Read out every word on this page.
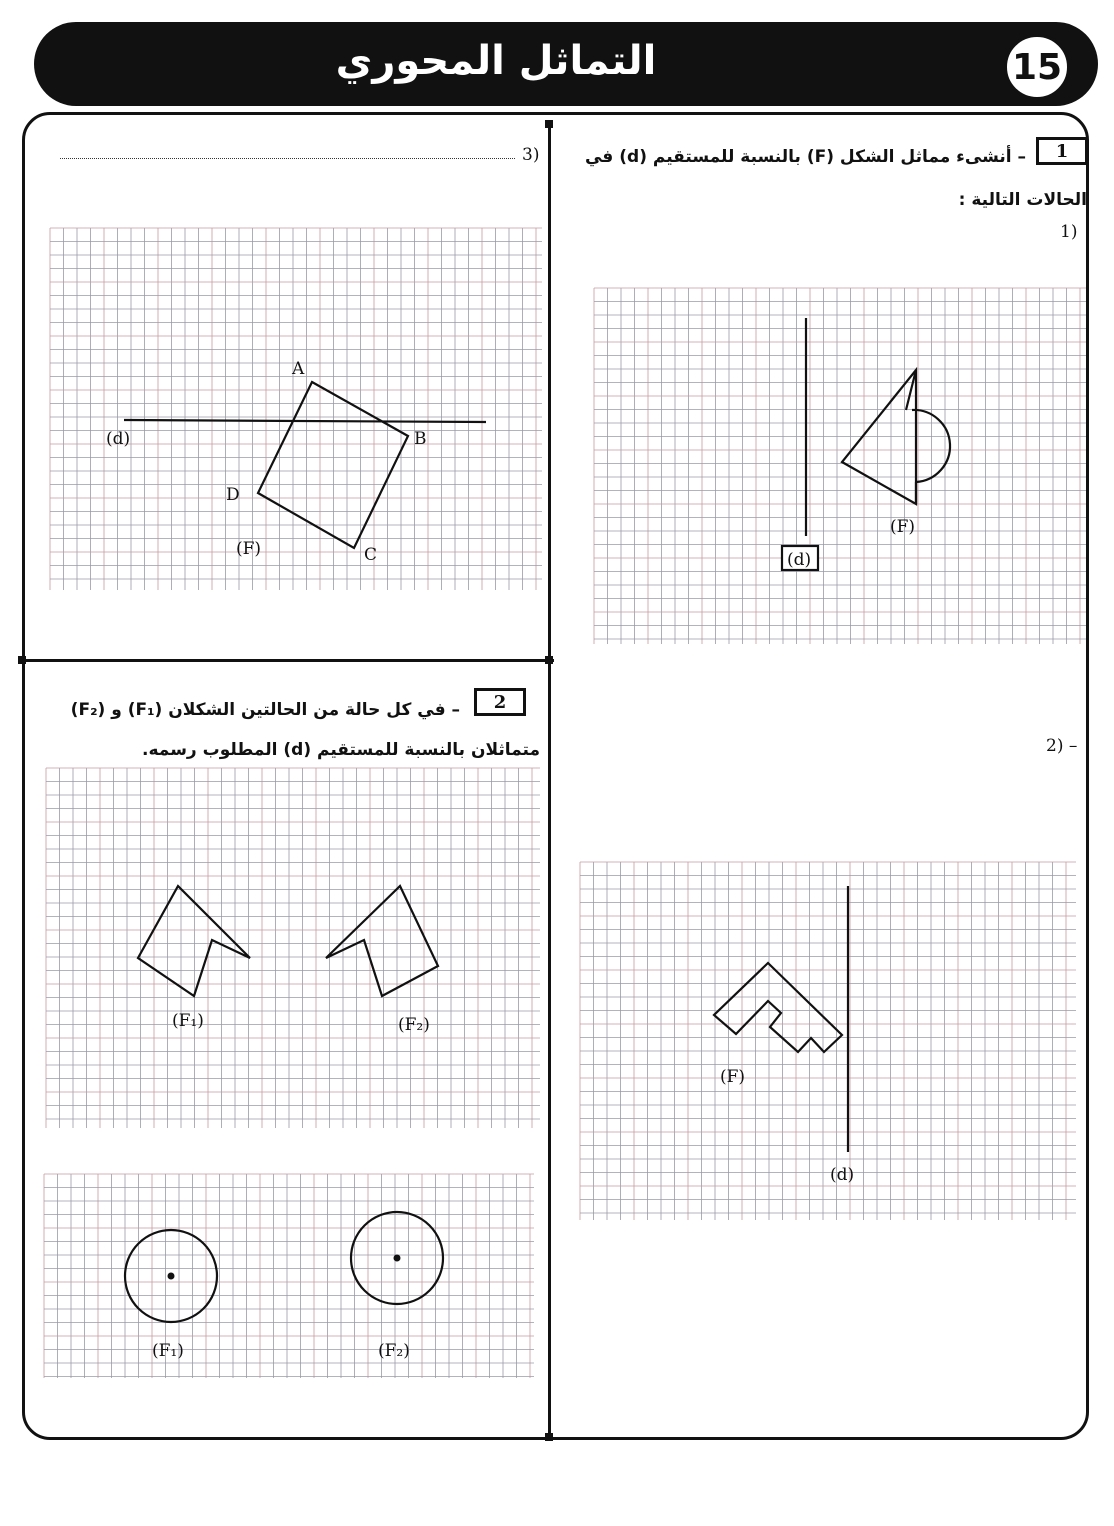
التماثل المحوري	15
1
– أنشىء مماثل الشكل (F) بالنسبة للمستقيم (d) في
الحالات التالية :
(1
– (2
(3
2
– في كل حالة من الحالتين الشكلان (F₁) و (F₂)
متماثلان بالنسبة للمستقيم (d) المطلوب رسمه.
(d)
(F)
(F)
(d)
A
B
C
D
(d)
(F)
(F₁)	(F₂)
(F₁)	(F₂)
